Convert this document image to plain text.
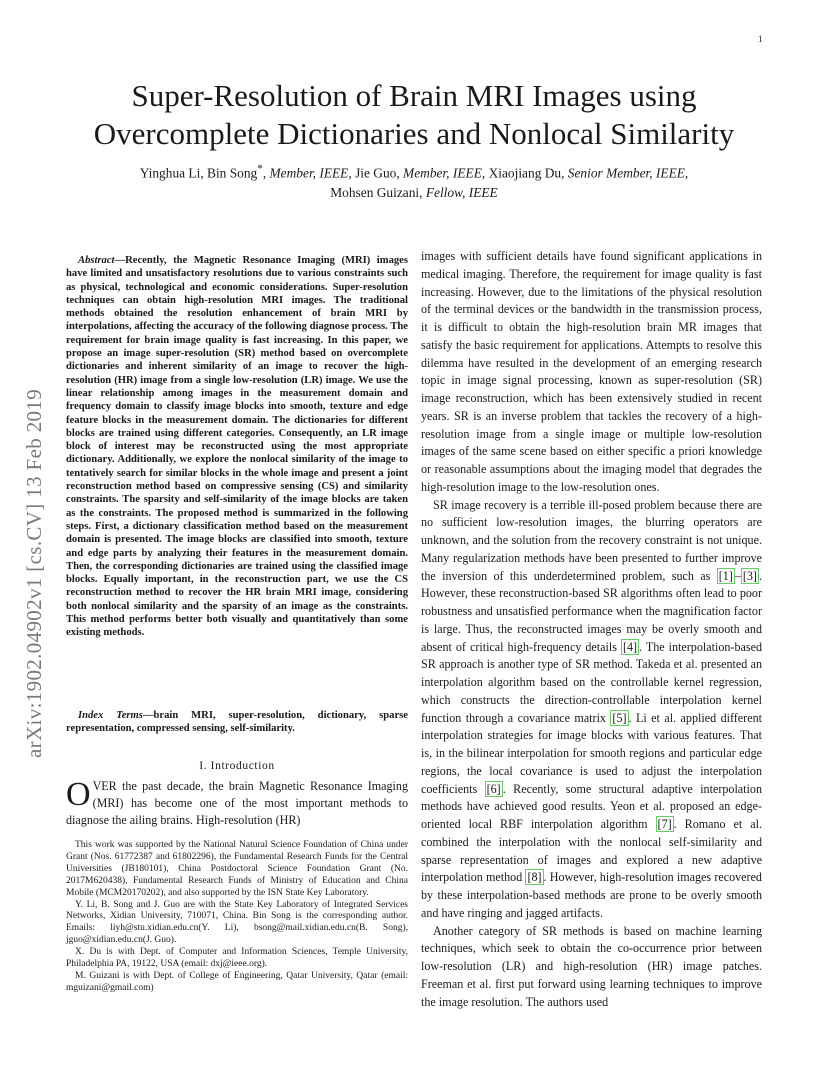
1
arXiv:1902.04902v1 [cs.CV] 13 Feb 2019
Super-Resolution of Brain MRI Images using
Overcomplete Dictionaries and Nonlocal Similarity
Yinghua Li, Bin Song*, Member, IEEE, Jie Guo, Member, IEEE, Xiaojiang Du, Senior Member, IEEE,
Mohsen Guizani, Fellow, IEEE

Abstract—Recently, the Magnetic Resonance Imaging (MRI) images have limited and unsatisfactory resolutions due to various constraints such as physical, technological and economic considerations. Super-resolution techniques can obtain high-resolution MRI images. The traditional methods obtained the resolution enhancement of brain MRI by interpolations, affecting the accuracy of the following diagnose process. The requirement for brain image quality is fast increasing. In this paper, we propose an image super-resolution (SR) method based on overcomplete dictionaries and inherent similarity of an image to recover the high-resolution (HR) image from a single low-resolution (LR) image. We use the linear relationship among images in the measurement domain and frequency domain to classify image blocks into smooth, texture and edge feature blocks in the measurement domain. The dictionaries for different blocks are trained using different categories. Consequently, an LR image block of interest may be reconstructed using the most appropriate dictionary. Additionally, we explore the nonlocal similarity of the image to tentatively search for similar blocks in the whole image and present a joint reconstruction method based on compressive sensing (CS) and similarity constraints. The sparsity and self-similarity of the image blocks are taken as the constraints. The proposed method is summarized in the following steps. First, a dictionary classification method based on the measurement domain is presented. The image blocks are classified into smooth, texture and edge parts by analyzing their features in the measurement domain. Then, the corresponding dictionaries are trained using the classified image blocks. Equally important, in the reconstruction part, we use the CS reconstruction method to recover the HR brain MRI image, considering both nonlocal similarity and the sparsity of an image as the constraints. This method performs better both visually and quantitatively than some existing methods.

Index Terms—brain MRI, super-resolution, dictionary, sparse representation, compressed sensing, self-similarity.

I. Introduction

OVER the past decade, the brain Magnetic Resonance Imaging (MRI) has become one of the most important methods to diagnose the ailing brains. High-resolution (HR)

This work was supported by the National Natural Science Foundation of China under Grant (Nos. 61772387 and 61802296), the Fundamental Research Funds for the Central Universities (JB180101), China Postdoctoral Science Foundation Grant (No. 2017M620438), Fundamental Research Funds of Ministry of Education and China Mobile (MCM20170202), and also supported by the ISN State Key Laboratory.

Y. Li, B. Song and J. Guo are with the State Key Laboratory of Integrated Services Networks, Xidian University, 710071, China. Bin Song is the corresponding author. Emails: liyh@stu.xidian.edu.cn(Y. Li), bsong@mail.xidian.edu.cn(B. Song), jguo@xidian.edu.cn(J. Guo).

X. Du is with Dept. of Computer and Information Sciences, Temple University, Philadelphia PA, 19122, USA (email: dxj@ieee.org).

M. Guizani is with Dept. of College of Engineering, Qatar University, Qatar (email: mguizani@gmail.com)

images with sufficient details have found significant applications in medical imaging. Therefore, the requirement for image quality is fast increasing. However, due to the limitations of the physical resolution of the terminal devices or the bandwidth in the transmission process, it is difficult to obtain the high-resolution brain MR images that satisfy the basic requirement for applications. Attempts to resolve this dilemma have resulted in the development of an emerging research topic in image signal processing, known as super-resolution (SR) image reconstruction, which has been extensively studied in recent years. SR is an inverse problem that tackles the recovery of a high-resolution image from a single image or multiple low-resolution images of the same scene based on either specific a priori knowledge or reasonable assumptions about the imaging model that degrades the high-resolution image to the low-resolution ones.

SR image recovery is a terrible ill-posed problem because there are no sufficient low-resolution images, the blurring operators are unknown, and the solution from the recovery constraint is not unique. Many regularization methods have been presented to further improve the inversion of this underdetermined problem, such as [1] – [3] . However, these reconstruction-based SR algorithms often lead to poor robustness and unsatisfied performance when the magnification factor is large. Thus, the reconstructed images may be overly smooth and absent of critical high-frequency details [4] . The interpolation-based SR approach is another type of SR method. Takeda et al. presented an interpolation algorithm based on the controllable kernel regression, which constructs the direction-controllable interpolation kernel function through a covariance matrix [5] . Li et al. applied different interpolation strategies for image blocks with various features. That is, in the bilinear interpolation for smooth regions and particular edge regions, the local covariance is used to adjust the interpolation coefficients [6] . Recently, some structural adaptive interpolation methods have achieved good results. Yeon et al. proposed an edge-oriented local RBF interpolation algorithm [7] . Romano et al. combined the interpolation with the nonlocal self-similarity and sparse representation of images and explored a new adaptive interpolation method [8] . However, high-resolution images recovered by these interpolation-based methods are prone to be overly smooth and have ringing and jagged artifacts.

Another category of SR methods is based on machine learning techniques, which seek to obtain the co-occurrence prior between low-resolution (LR) and high-resolution (HR) image patches. Freeman et al. first put forward using learning techniques to improve the image resolution. The authors used
